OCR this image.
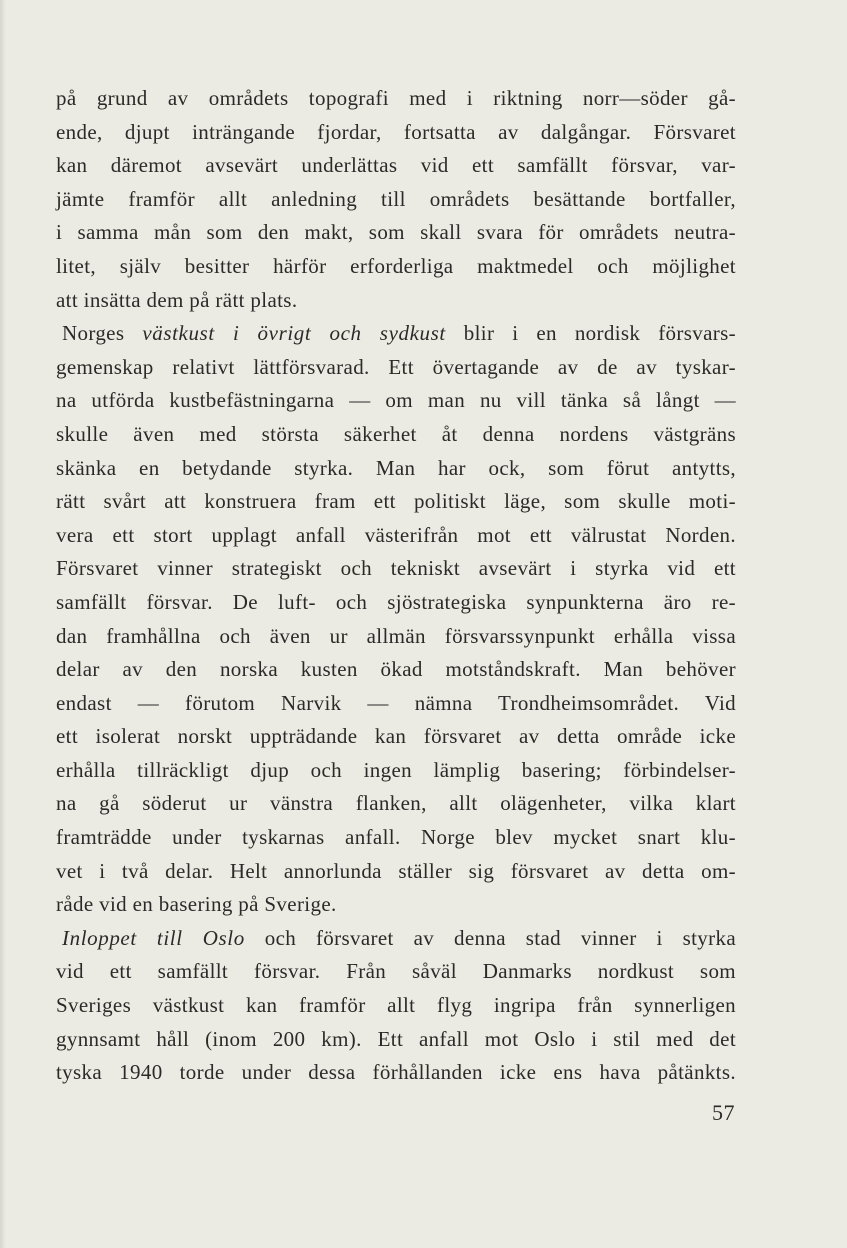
på grund av områdets topografi med i riktning norr—söder gå-
ende, djupt inträngande fjordar, fortsatta av dalgångar. Försvaret
kan däremot avsevärt underlättas vid ett samfällt försvar, var-
jämte framför allt anledning till områdets besättande bortfaller,
i samma mån som den makt, som skall svara för områdets neutra-
litet, själv besitter härför erforderliga maktmedel och möjlighet
att insätta dem på rätt plats.
Norges västkust i övrigt och sydkust blir i en nordisk försvars-
gemenskap relativt lättförsvarad. Ett övertagande av de av tyskar-
na utförda kustbefästningarna — om man nu vill tänka så långt —
skulle även med största säkerhet åt denna nordens västgräns
skänka en betydande styrka. Man har ock, som förut antytts,
rätt svårt att konstruera fram ett politiskt läge, som skulle moti-
vera ett stort upplagt anfall västerifrån mot ett välrustat Norden.
Försvaret vinner strategiskt och tekniskt avsevärt i styrka vid ett
samfällt försvar. De luft- och sjöstrategiska synpunkterna äro re-
dan framhållna och även ur allmän försvarssynpunkt erhålla vissa
delar av den norska kusten ökad motståndskraft. Man behöver
endast — förutom Narvik — nämna Trondheimsområdet. Vid
ett isolerat norskt uppträdande kan försvaret av detta område icke
erhålla tillräckligt djup och ingen lämplig basering; förbindelser-
na gå söderut ur vänstra flanken, allt olägenheter, vilka klart
framträdde under tyskarnas anfall. Norge blev mycket snart klu-
vet i två delar. Helt annorlunda ställer sig försvaret av detta om-
råde vid en basering på Sverige.
Inloppet till Oslo och försvaret av denna stad vinner i styrka
vid ett samfällt försvar. Från såväl Danmarks nordkust som
Sveriges västkust kan framför allt flyg ingripa från synnerligen
gynnsamt håll (inom 200 km). Ett anfall mot Oslo i stil med det
tyska 1940 torde under dessa förhållanden icke ens hava påtänkts.
57
